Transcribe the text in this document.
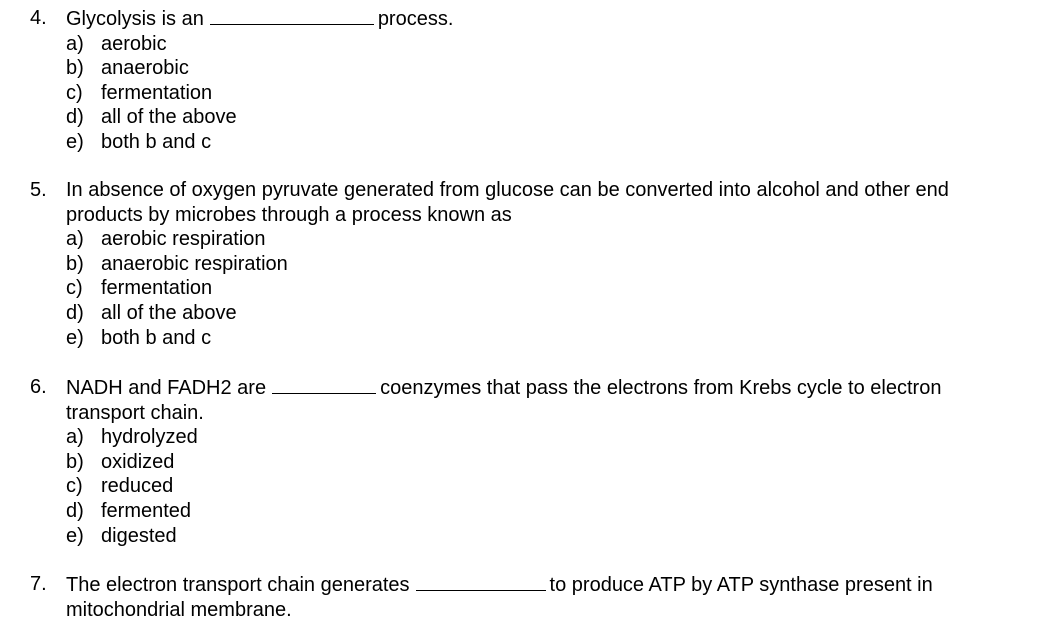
4. Glycolysis is an	process.
a) aerobic
b) anaerobic
c) fermentation
d) all of the above
e) both b and c
5. In absence of oxygen pyruvate generated from glucose can be converted into alcohol and other end
products by microbes through a process known as
a) aerobic respiration
b) anaerobic respiration
c) fermentation
d) all of the above
e) both b and c
6. NADH and FADH2 are	coenzymes that pass the electrons from Krebs cycle to electron
transport chain.
a) hydrolyzed
b) oxidized
c) reduced
d) fermented
e) digested
7. The electron transport chain generates	to produce ATP by ATP synthase present in
mitochondrial membrane.
